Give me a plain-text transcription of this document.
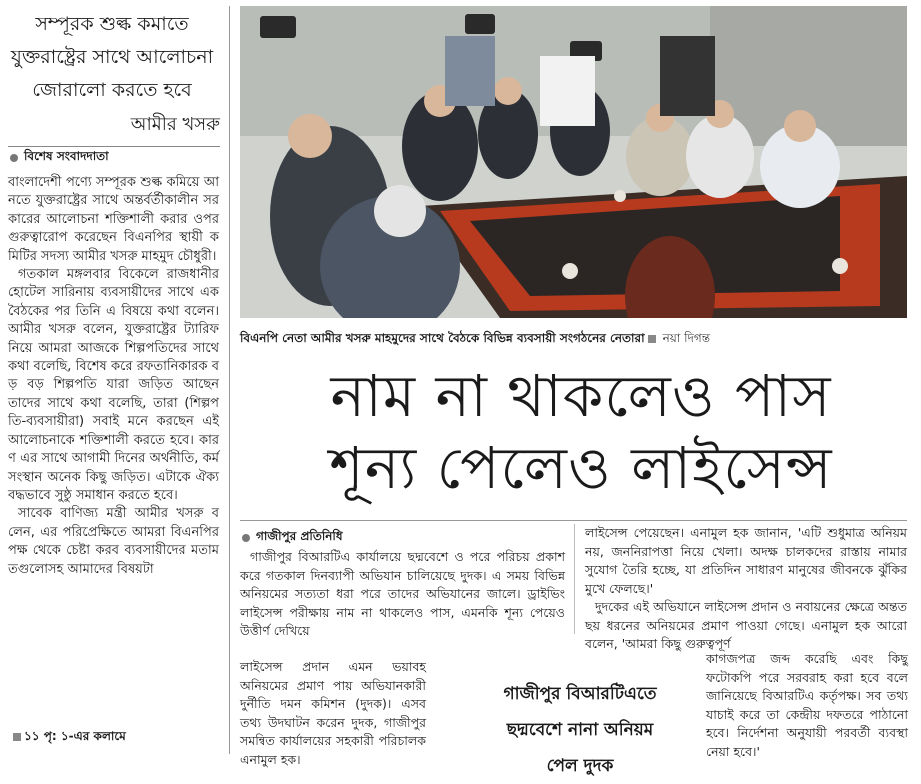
সম্পূরক শুল্ক কমাতে যুক্তরাষ্ট্রের সাথে আলোচনা জোরালো করতে হবে
আমীর খসরু
বিশেষ সংবাদদাতা

বাংলাদেশী পণ্যে সম্পূরক শুল্ক কমিয়ে আনতে যুক্তরাষ্ট্রের সাথে অন্তর্বর্তীকালীন সরকারের আলোচনা শক্তিশালী করার ওপর গুরুত্বারোপ করেছেন বিএনপির স্থায়ী কমিটির সদস্য আমীর খসরু মাহমুদ চৌধুরী।

গতকাল মঙ্গলবার বিকেলে রাজধানীর হোটেল সারিনায় ব্যবসায়ীদের সাথে এক বৈঠকের পর তিনি এ বিষয়ে কথা বলেন। আমীর খসরু বলেন, যুক্তরাষ্ট্রের ট্যারিফ নিয়ে আমরা আজকে শিল্পপতিদের সাথে কথা বলেছি, বিশেষ করে রফতানিকারক বড় বড় শিল্পপতি যারা জড়িত আছেন তাদের সাথে কথা বলেছি, তারা (শিল্পপতি-ব্যবসায়ীরা) সবাই মনে করছেন এই আলোচনাকে শক্তিশালী করতে হবে। কারণ এর সাথে আগামী দিনের অর্থনীতি, কর্মসংস্থান অনেক কিছু জড়িত। এটাকে ঐক্যবদ্ধভাবে সুষ্ঠু সমাধান করতে হবে।

সাবেক বাণিজ্য মন্ত্রী আমীর খসরু বলেন, এর পরিপ্রেক্ষিতে আমরা বিএনপির পক্ষ থেকে চেষ্টা করব ব্যবসায়ীদের মতামতগুলোসহ আমাদের বিষয়টা

১১ পৃ: ১-এর কলামে
বিএনপি নেতা আমীর খসরু মাহমুদের সাথে বৈঠকে বিভিন্ন ব্যবসায়ী সংগঠনের নেতারা নয়া দিগন্ত
নাম না থাকলেও পাস
শূন্য পেলেও লাইসেন্স
গাজীপুর প্রতিনিধি

গাজীপুর বিআরটিএ কার্যালয়ে ছদ্মবেশে ও পরে পরিচয় প্রকাশ করে গতকাল দিনব্যাপী অভিযান চালিয়েছে দুদক। এ সময় বিভিন্ন অনিয়মের সত্যতা ধরা পরে তাদের অভিযানের জালে। ড্রাইভিং লাইসেন্স পরীক্ষায় নাম না থাকলেও পাস, এমনকি শূন্য পেয়েও উত্তীর্ণ দেখিয়ে

লাইসেন্স প্রদান এমন ভয়াবহ অনিয়মের প্রমাণ পায় অভিযানকারী দুর্নীতি দমন কমিশন (দুদক)। এসব তথ্য উদঘাটন করেন দুদক, গাজীপুর সমন্বিত কার্যালয়ের সহকারী পরিচালক এনামুল হক।

গাজীপুর বিআরটিএতে
ছদ্মবেশে নানা অনিয়ম
পেল দুদক

লাইসেন্স পেয়েছেন। এনামুল হক জানান, 'এটি শুধুমাত্র অনিয়ম নয়, জননিরাপত্তা নিয়ে খেলা। অদক্ষ চালকদের রাস্তায় নামার সুযোগ তৈরি হচ্ছে, যা প্রতিদিন সাধারণ মানুষের জীবনকে ঝুঁকির মুখে ফেলছে।'

দুদকের এই অভিযানে লাইসেন্স প্রদান ও নবায়নের ক্ষেত্রে অন্তত ছয় ধরনের অনিয়মের প্রমাণ পাওয়া গেছে। এনামুল হক আরো বলেন, 'আমরা কিছু গুরুত্বপূর্ণ

কাগজপত্র জব্দ করেছি এবং কিছু ফটোকপি পরে সরবরাহ করা হবে বলে জানিয়েছে বিআরটিএ কর্তৃপক্ষ। সব তথ্য যাচাই করে তা কেন্দ্রীয় দফতরে পাঠানো হবে। নির্দেশনা অনুযায়ী পরবর্তী ব্যবস্থা নেয়া হবে।'
